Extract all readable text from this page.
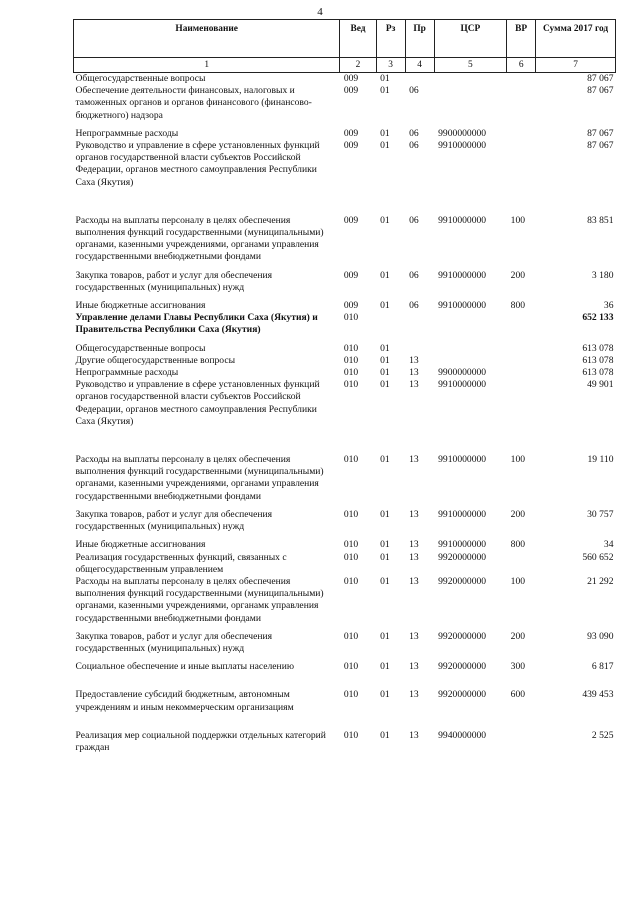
4
Наименование	Вед	Рз	Пр	ЦСР	ВР	Сумма 2017 год
1	2	3	4	5	6	7
Общегосударственные вопросы	009	01				87 067
Обеспечение деятельности финансовых, налоговых и таможенных органов и органов финансового (финансово-бюджетного) надзора	009	01	06			87 067
Непрограммные расходы	009	01	06	9900000000		87 067
Руководство и управление в сфере установленных функций органов государственной власти субъектов Российской Федерации, органов местного самоуправления Республики Саха (Якутия)	009	01	06	9910000000		87 067
Расходы на выплаты персоналу в целях обеспечения выполнения функций государственными (муниципальными) органами, казенными учреждениями, органами управления государственными внебюджетными фондами	009	01	06	9910000000	100	83 851
Закупка товаров, работ и услуг для обеспечения государственных (муниципальных) нужд	009	01	06	9910000000	200	3 180
Иные бюджетные ассигнования	009	01	06	9910000000	800	36
Управление делами Главы Республики Саха (Якутия) и Правительства Республики Саха (Якутия)	010					652 133
Общегосударственные вопросы	010	01				613 078
Другие общегосударственные вопросы	010	01	13			613 078
Непрограммные расходы	010	01	13	9900000000		613 078
Руководство и управление в сфере установленных функций органов государственной власти субъектов Российской Федерации, органов местного самоуправления Республики Саха (Якутия)	010	01	13	9910000000		49 901
Расходы на выплаты персоналу в целях обеспечения выполнения функций государственными (муниципальными) органами, казенными учреждениями, органами управления государственными внебюджетными фондами	010	01	13	9910000000	100	19 110
Закупка товаров, работ и услуг для обеспечения государственных (муниципальных) нужд	010	01	13	9910000000	200	30 757
Иные бюджетные ассигнования	010	01	13	9910000000	800	34
Реализация государственных функций, связанных с общегосударственным управлением	010	01	13	9920000000		560 652
Расходы на выплаты персоналу в целях обеспечения выполнения функций государственными (муниципальными) органами, казенными учреждениями, органамк управления государственными внебюджетными фондами	010	01	13	9920000000	100	21 292
Закупка товаров, работ и услуг для обеспечения государственных (муниципальных) нужд	010	01	13	9920000000	200	93 090
Социальное обеспечение и иные выплаты населению	010	01	13	9920000000	300	6 817
Предоставление субсидий бюджетным, автономным учреждениям и иным некоммерческим организациям	010	01	13	9920000000	600	439 453
Реализация мер социальной поддержки отдельных категорий граждан	010	01	13	9940000000		2 525
